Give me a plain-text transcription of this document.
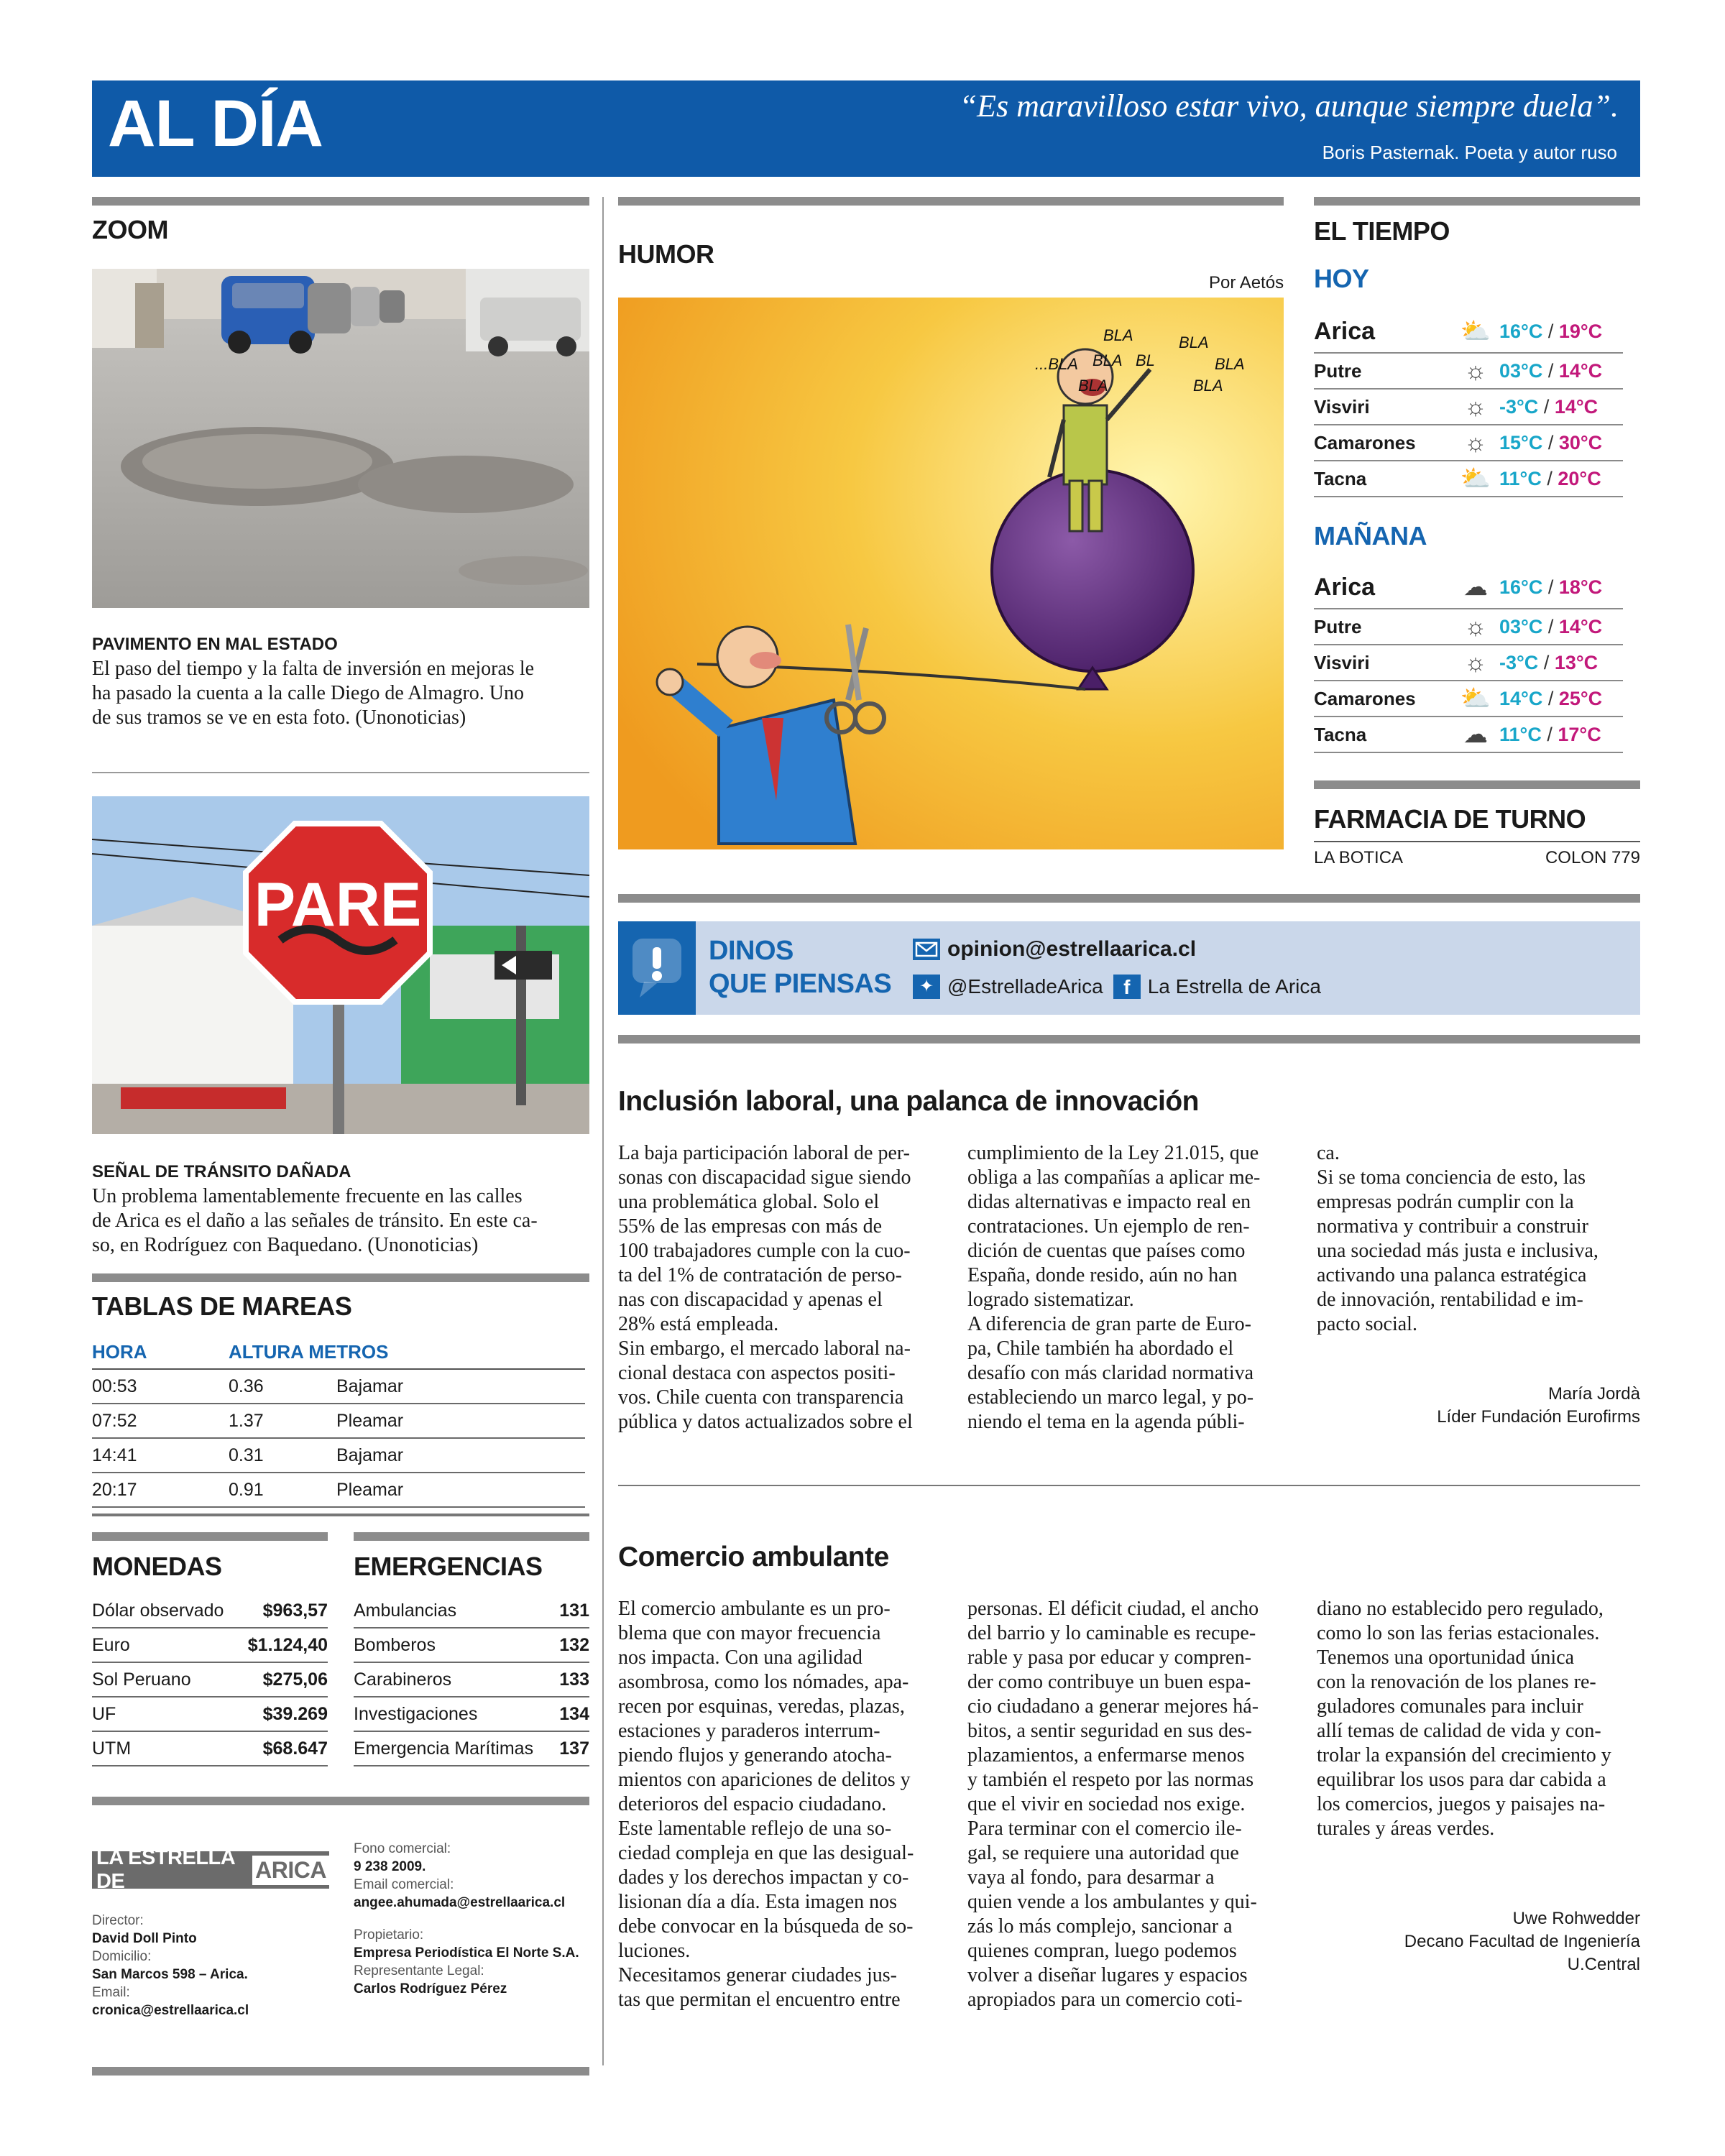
AL DÍA	“Es maravilloso estar vivo, aunque siempre duela”.
Boris Pasternak. Poeta y autor ruso
ZOOM
PAVIMENTO EN MAL ESTADO
El paso del tiempo y la falta de inversión en mejoras le
ha pasado la cuenta a la calle Diego de Almagro. Uno
de sus tramos se ve en esta foto. (Unonoticias)
PARE
SEÑAL DE TRÁNSITO DAÑADA
Un problema lamentablemente frecuente en las calles
de Arica es el daño a las señales de tránsito. En este ca-
so, en Rodríguez con Baquedano. (Unonoticias)
TABLAS DE MAREAS
HORA	ALTURA METROS
00:53	0.36	Bajamar
07:52	1.37	Pleamar
14:41	0.31	Bajamar
20:17	0.91	Pleamar
MONEDAS
Dólar observado $963,57
Euro	$1.124,40
Sol Peruano	$275,06
UF	$39.269
UTM	$68.647
EMERGENCIAS
Ambulancias	131
Bomberos	132
Carabineros	133
Investigaciones	134
Emergencia Marítimas 137
LA ESTRELLA DE	ARICA
Director:
David Doll Pinto
Domicilio:
San Marcos 598 – Arica.
Email:
cronica@estrellaarica.cl
Fono comercial:
9 238 2009.
Email comercial:
angee.ahumada@estrellaarica.cl
Propietario:
Empresa Periodística El Norte S.A.
Representante Legal:
Carlos Rodríguez Pérez
HUMOR
Por Aetós
BLA	BLA
...BLA BLA BL	BLA
BLA	BLA
EL TIEMPO
HOY
Arica	⛅ 16°C / 19°C
Putre	☼ 03°C / 14°C
Visviri	☼ -3°C / 14°C
Camarones	☼ 15°C / 30°C
Tacna	⛅ 11°C / 20°C
MAÑANA
Arica	☁ 16°C / 18°C
Putre	☼ 03°C / 14°C
Visviri	☼ -3°C / 13°C
Camarones	⛅ 14°C / 25°C
Tacna	☁ 11°C / 17°C
FARMACIA DE TURNO
LA BOTICA	COLON 779
DINOS
QUE PIENSAS
opinion@estrellaarica.cl
✦ @EstrelladeArica	f La Estrella de Arica
Inclusión laboral, una palanca de innovación
La baja participación laboral de per-
sonas con discapacidad sigue siendo
una problemática global. Solo el
55% de las empresas con más de
100 trabajadores cumple con la cuo-
ta del 1% de contratación de perso-
nas con discapacidad y apenas el
28% está empleada.
Sin embargo, el mercado laboral na-
cional destaca con aspectos positi-
vos. Chile cuenta con transparencia
pública y datos actualizados sobre el
cumplimiento de la Ley 21.015, que
obliga a las compañías a aplicar me-
didas alternativas e impacto real en
contrataciones. Un ejemplo de ren-
dición de cuentas que países como
España, donde resido, aún no han
logrado sistematizar.
A diferencia de gran parte de Euro-
pa, Chile también ha abordado el
desafío con más claridad normativa
estableciendo un marco legal, y po-
niendo el tema en la agenda públi-
ca.
Si se toma conciencia de esto, las
empresas podrán cumplir con la
normativa y contribuir a construir
una sociedad más justa e inclusiva,
activando una palanca estratégica
de innovación, rentabilidad e im-
pacto social.
María Jordà
Líder Fundación Eurofirms
Comercio ambulante
El comercio ambulante es un pro-
blema que con mayor frecuencia
nos impacta. Con una agilidad
asombrosa, como los nómades, apa-
recen por esquinas, veredas, plazas,
estaciones y paraderos interrum-
piendo flujos y generando atocha-
mientos con apariciones de delitos y
deterioros del espacio ciudadano.
Este lamentable reflejo de una so-
ciedad compleja en que las desigual-
dades y los derechos impactan y co-
lisionan día a día. Esta imagen nos
debe convocar en la búsqueda de so-
luciones.
Necesitamos generar ciudades jus-
tas que permitan el encuentro entre
personas. El déficit ciudad, el ancho
del barrio y lo caminable es recupe-
rable y pasa por educar y compren-
der como contribuye un buen espa-
cio ciudadano a generar mejores há-
bitos, a sentir seguridad en sus des-
plazamientos, a enfermarse menos
y también el respeto por las normas
que el vivir en sociedad nos exige.
Para terminar con el comercio ile-
gal, se requiere una autoridad que
vaya al fondo, para desarmar a
quien vende a los ambulantes y qui-
zás lo más complejo, sancionar a
quienes compran, luego podemos
volver a diseñar lugares y espacios
apropiados para un comercio coti-
diano no establecido pero regulado,
como lo son las ferias estacionales.
Tenemos una oportunidad única
con la renovación de los planes re-
guladores comunales para incluir
allí temas de calidad de vida y con-
trolar la expansión del crecimiento y
equilibrar los usos para dar cabida a
los comercios, juegos y paisajes na-
turales y áreas verdes.
Uwe Rohwedder
Decano Facultad de Ingeniería
U.Central
